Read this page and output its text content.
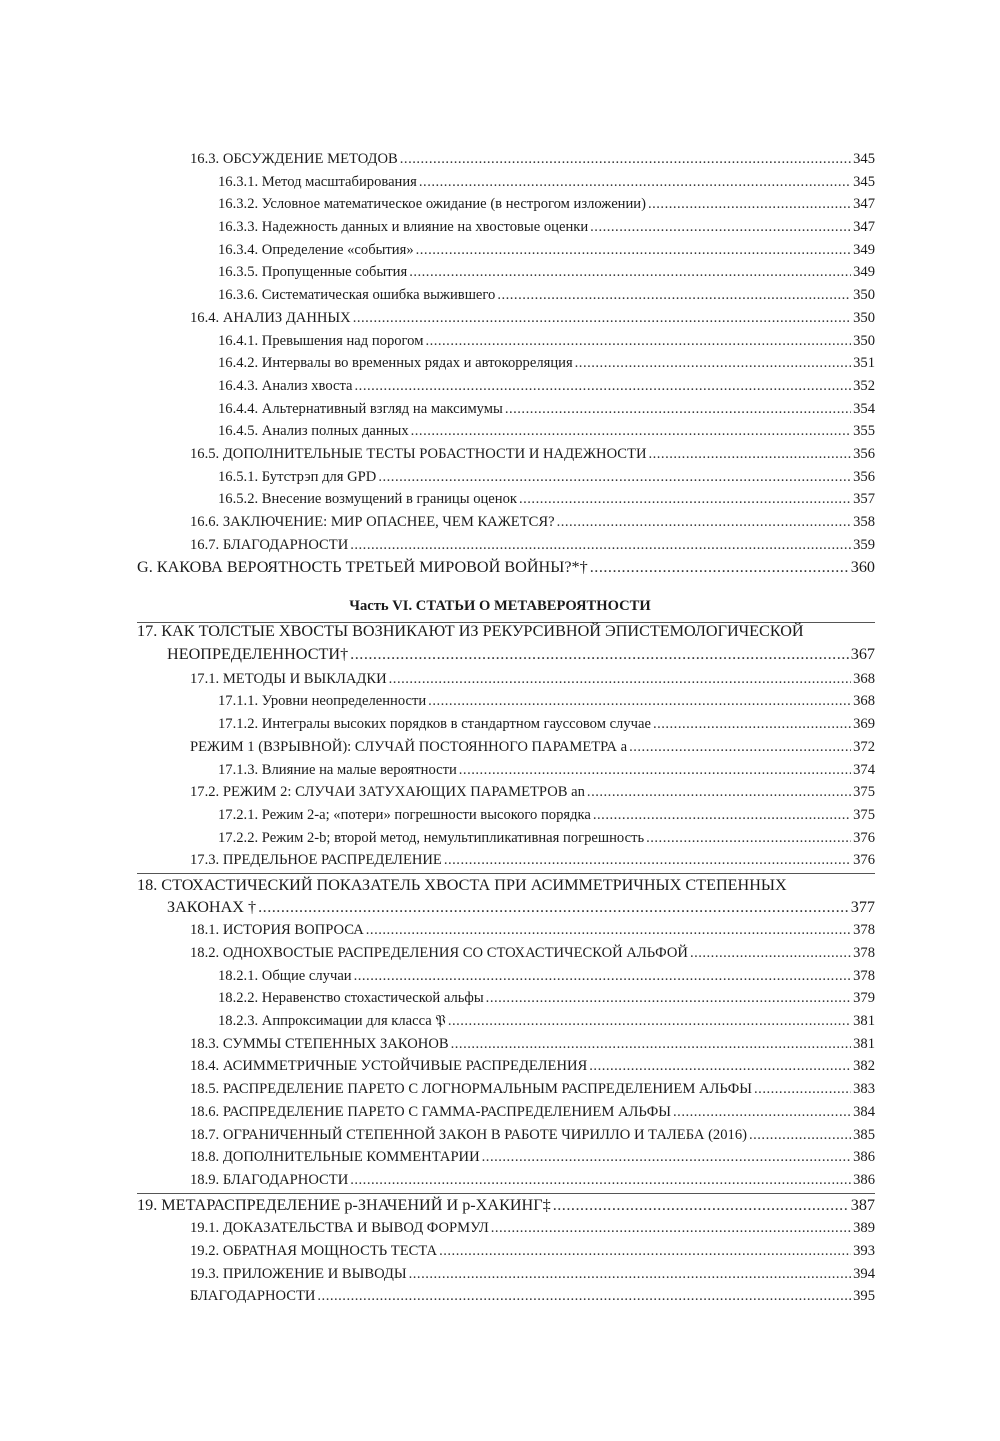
16.3. ОБСУЖДЕНИЕ МЕТОДОВ .....	345
16.3.1. Метод масштабирования .....	345
16.3.2. Условное математическое ожидание (в нестрогом изложении) .....	347
16.3.3. Надежность данных и влияние на хвостовые оценки .....	347
16.3.4. Определение «события» .....	349
16.3.5. Пропущенные события .....	349
16.3.6. Систематическая ошибка выжившего .....	350
16.4. АНАЛИЗ ДАННЫХ .....	350
16.4.1. Превышения над порогом .....	350
16.4.2. Интервалы во временных рядах и автокорреляция .....	351
16.4.3. Анализ хвоста .....	352
16.4.4. Альтернативный взгляд на максимумы .....	354
16.4.5. Анализ полных данных .....	355
16.5. ДОПОЛНИТЕЛЬНЫЕ ТЕСТЫ РОБАСТНОСТИ И НАДЕЖНОСТИ .....	356
16.5.1. Бутстрэп для GPD .....	356
16.5.2. Внесение возмущений в границы оценок .....	357
16.6. ЗАКЛЮЧЕНИЕ: МИР ОПАСНЕЕ, ЧЕМ КАЖЕТСЯ? .....	358
16.7. БЛАГОДАРНОСТИ .....	359
G. КАКОВА ВЕРОЯТНОСТЬ ТРЕТЬЕЙ МИРОВОЙ ВОЙНЫ?*† .....	360
Часть VI. СТАТЬИ О МЕТАВЕРОЯТНОСТИ
17. КАК ТОЛСТЫЕ ХВОСТЫ ВОЗНИКАЮТ ИЗ РЕКУРСИВНОЙ ЭПИСТЕМОЛОГИЧЕСКОЙ
НЕОПРЕДЕЛЕННОСТИ† .....	367
17.1. МЕТОДЫ И ВЫКЛАДКИ .....	368
17.1.1. Уровни неопределенности .....	368
17.1.2. Интегралы высоких порядков в стандартном гауссовом случае .....	369
РЕЖИМ 1 (ВЗРЫВНОЙ): СЛУЧАЙ ПОСТОЯННОГО ПАРАМЕТРА a .....	372
17.1.3. Влияние на малые вероятности .....	374
17.2. РЕЖИМ 2: СЛУЧАИ ЗАТУХАЮЩИХ ПАРАМЕТРОВ an .....	375
17.2.1. Режим 2-а; «потери» погрешности высокого порядка .....	375
17.2.2. Режим 2-b; второй метод, немультипликативная погрешность .....	376
17.3. ПРЕДЕЛЬНОЕ РАСПРЕДЕЛЕНИЕ .....	376
18. СТОХАСТИЧЕСКИЙ ПОКАЗАТЕЛЬ ХВОСТА ПРИ АСИММЕТРИЧНЫХ СТЕПЕННЫХ
ЗАКОНАХ † .....	377
18.1. ИСТОРИЯ ВОПРОСА .....	378
18.2. ОДНОХВОСТЫЕ РАСПРЕДЕЛЕНИЯ СО СТОХАСТИЧЕСКОЙ АЛЬФОЙ .....	378
18.2.1. Общие случаи .....	378
18.2.2. Неравенство стохастической альфы .....	379
18.2.3. Аппроксимации для класса 𝔓 .....	381
18.3. СУММЫ СТЕПЕННЫХ ЗАКОНОВ .....	381
18.4. АСИММЕТРИЧНЫЕ УСТОЙЧИВЫЕ РАСПРЕДЕЛЕНИЯ .....	382
18.5. РАСПРЕДЕЛЕНИЕ ПАРЕТО С ЛОГНОРМАЛЬНЫМ РАСПРЕДЕЛЕНИЕМ АЛЬФЫ .....	383
18.6. РАСПРЕДЕЛЕНИЕ ПАРЕТО С ГАММА-РАСПРЕДЕЛЕНИЕМ АЛЬФЫ .....	384
18.7. ОГРАНИЧЕННЫЙ СТЕПЕННОЙ ЗАКОН В РАБОТЕ ЧИРИЛЛО И ТАЛЕБА (2016) .....	385
18.8. ДОПОЛНИТЕЛЬНЫЕ КОММЕНТАРИИ .....	386
18.9. БЛАГОДАРНОСТИ .....	386
19. МЕТАРАСПРЕДЕЛЕНИЕ p-ЗНАЧЕНИЙ И p-ХАКИНГ‡ .....	387
19.1. ДОКАЗАТЕЛЬСТВА И ВЫВОД ФОРМУЛ .....	389
19.2. ОБРАТНАЯ МОЩНОСТЬ ТЕСТА .....	393
19.3. ПРИЛОЖЕНИЕ И ВЫВОДЫ .....	394
БЛАГОДАРНОСТИ .....	395
